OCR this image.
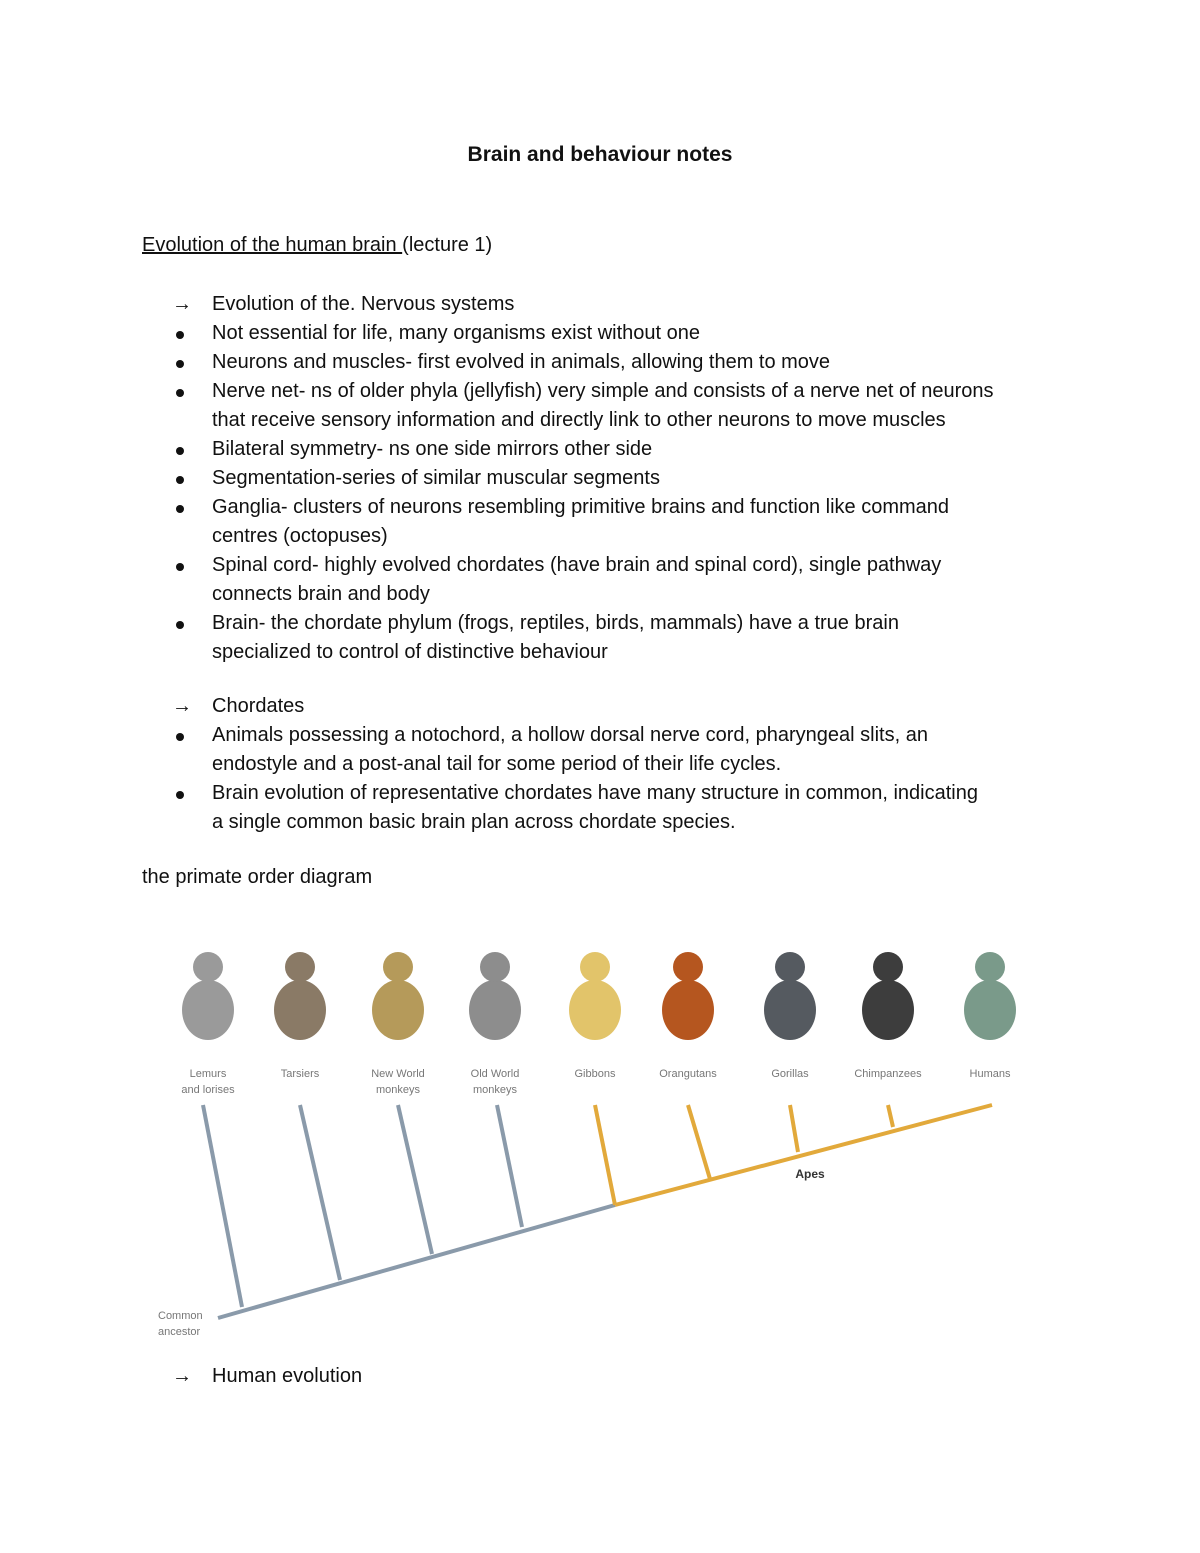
Brain and behaviour notes
Evolution of the human brain (lecture 1)
→	Evolution of the. Nervous systems
Not essential for life, many organisms exist without one
Neurons and muscles- first evolved in animals, allowing them to move
Nerve net- ns of older phyla (jellyfish) very simple and consists of a nerve net of neurons
that receive sensory information and directly link to other neurons to move muscles
Bilateral symmetry- ns one side mirrors other side
Segmentation-series of similar muscular segments
Ganglia- clusters of neurons resembling primitive brains and function like command
centres (octopuses)
Spinal cord- highly evolved chordates (have brain and spinal cord), single pathway
connects brain and body
Brain- the chordate phylum (frogs, reptiles, birds, mammals) have a true brain
specialized to control of distinctive behaviour
→	Chordates
Animals possessing a notochord, a hollow dorsal nerve cord, pharyngeal slits, an
endostyle and a post-anal tail for some period of their life cycles.
Brain evolution of representative chordates have many structure in common, indicating
a single common basic brain plan across chordate species.
the primate order diagram
Lemurs
and lorises
Tarsiers	New World
monkeys
Old World
monkeys
Gibbons	Orangutans	Gorillas	Chimpanzees	Humans
Apes
Common
ancestor
→	Human evolution
